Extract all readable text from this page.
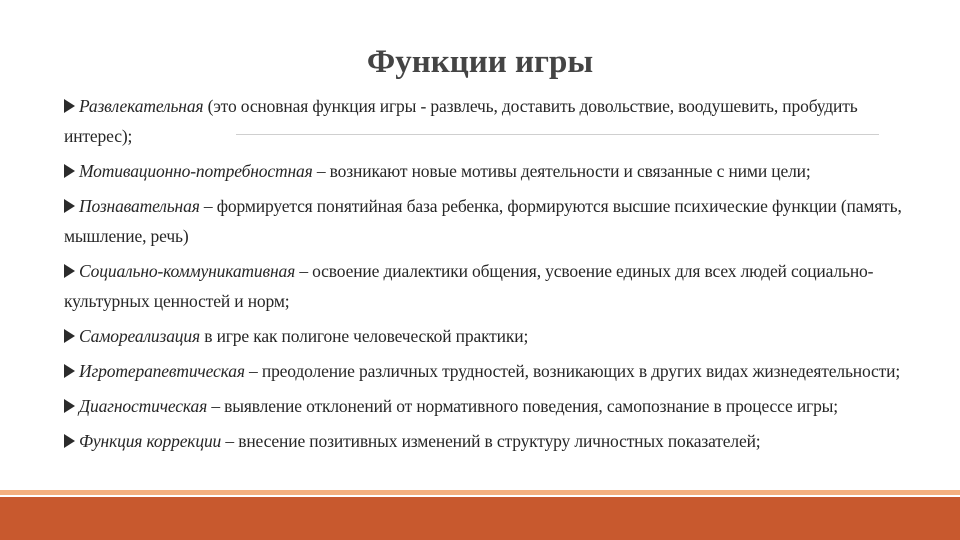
Функции игры
Развлекательная (это основная функция игры - развлечь, доставить довольствие, воодушевить, пробудить интерес);
Мотивационно-потребностная – возникают новые мотивы деятельности и связанные с ними цели;
Познавательная – формируется понятийная база ребенка, формируются высшие психические функции (память, мышление, речь)
Социально-коммуникативная – освоение диалектики общения, усвоение единых для всех людей социально-культурных ценностей и норм;
Самореализация в игре как полигоне человеческой практики;
Игротерапевтическая – преодоление различных трудностей, возникающих в других видах жизнедеятельности;
Диагностическая – выявление отклонений от нормативного поведения, самопознание в процессе игры;
Функция коррекции – внесение позитивных изменений в структуру личностных показателей;
